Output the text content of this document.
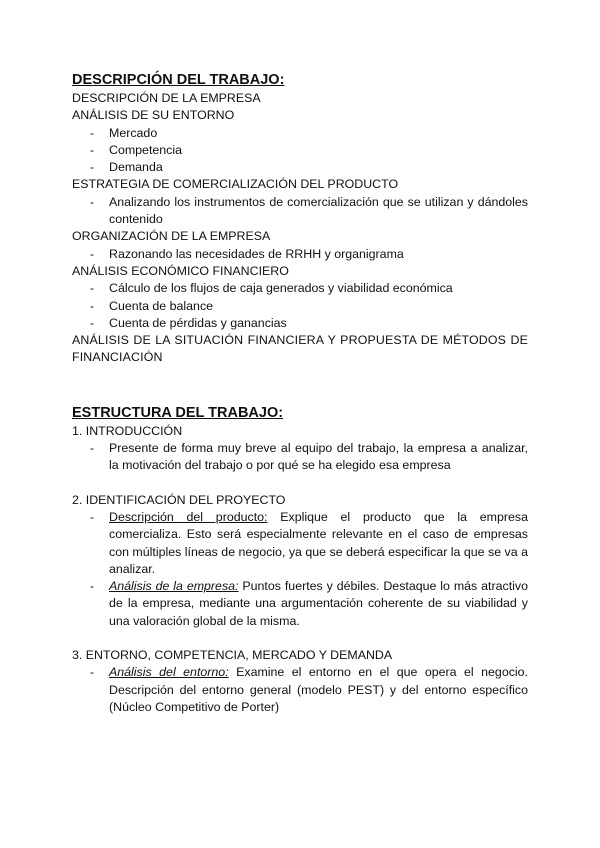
DESCRIPCIÓN DEL TRABAJO:
DESCRIPCIÓN DE LA EMPRESA
ANÁLISIS DE SU ENTORNO
- Mercado
- Competencia
- Demanda
ESTRATEGIA DE COMERCIALIZACIÓN DEL PRODUCTO
- Analizando los instrumentos de comercialización que se utilizan y dándoles contenido
ORGANIZACIÓN DE LA EMPRESA
- Razonando las necesidades de RRHH y organigrama
ANÁLISIS ECONÓMICO FINANCIERO
- Cálculo de los flujos de caja generados y viabilidad económica
- Cuenta de balance
- Cuenta de pérdidas y ganancias
ANÁLISIS DE LA SITUACIÓN FINANCIERA Y PROPUESTA DE MÉTODOS DE FINANCIACIÓN
ESTRUCTURA DEL TRABAJO:
1. INTRODUCCIÓN
- Presente de forma muy breve al equipo del trabajo, la empresa a analizar, la motivación del trabajo o por qué se ha elegido esa empresa
2. IDENTIFICACIÓN DEL PROYECTO
- Descripción del producto: Explique el producto que la empresa comercializa. Esto será especialmente relevante en el caso de empresas con múltiples líneas de negocio, ya que se deberá especificar la que se va a analizar.
- Análisis de la empresa: Puntos fuertes y débiles. Destaque lo más atractivo de la empresa, mediante una argumentación coherente de su viabilidad y una valoración global de la misma.
3. ENTORNO, COMPETENCIA, MERCADO Y DEMANDA
- Análisis del entorno: Examine el entorno en el que opera el negocio. Descripción del entorno general (modelo PEST) y del entorno específico (Núcleo Competitivo de Porter)
